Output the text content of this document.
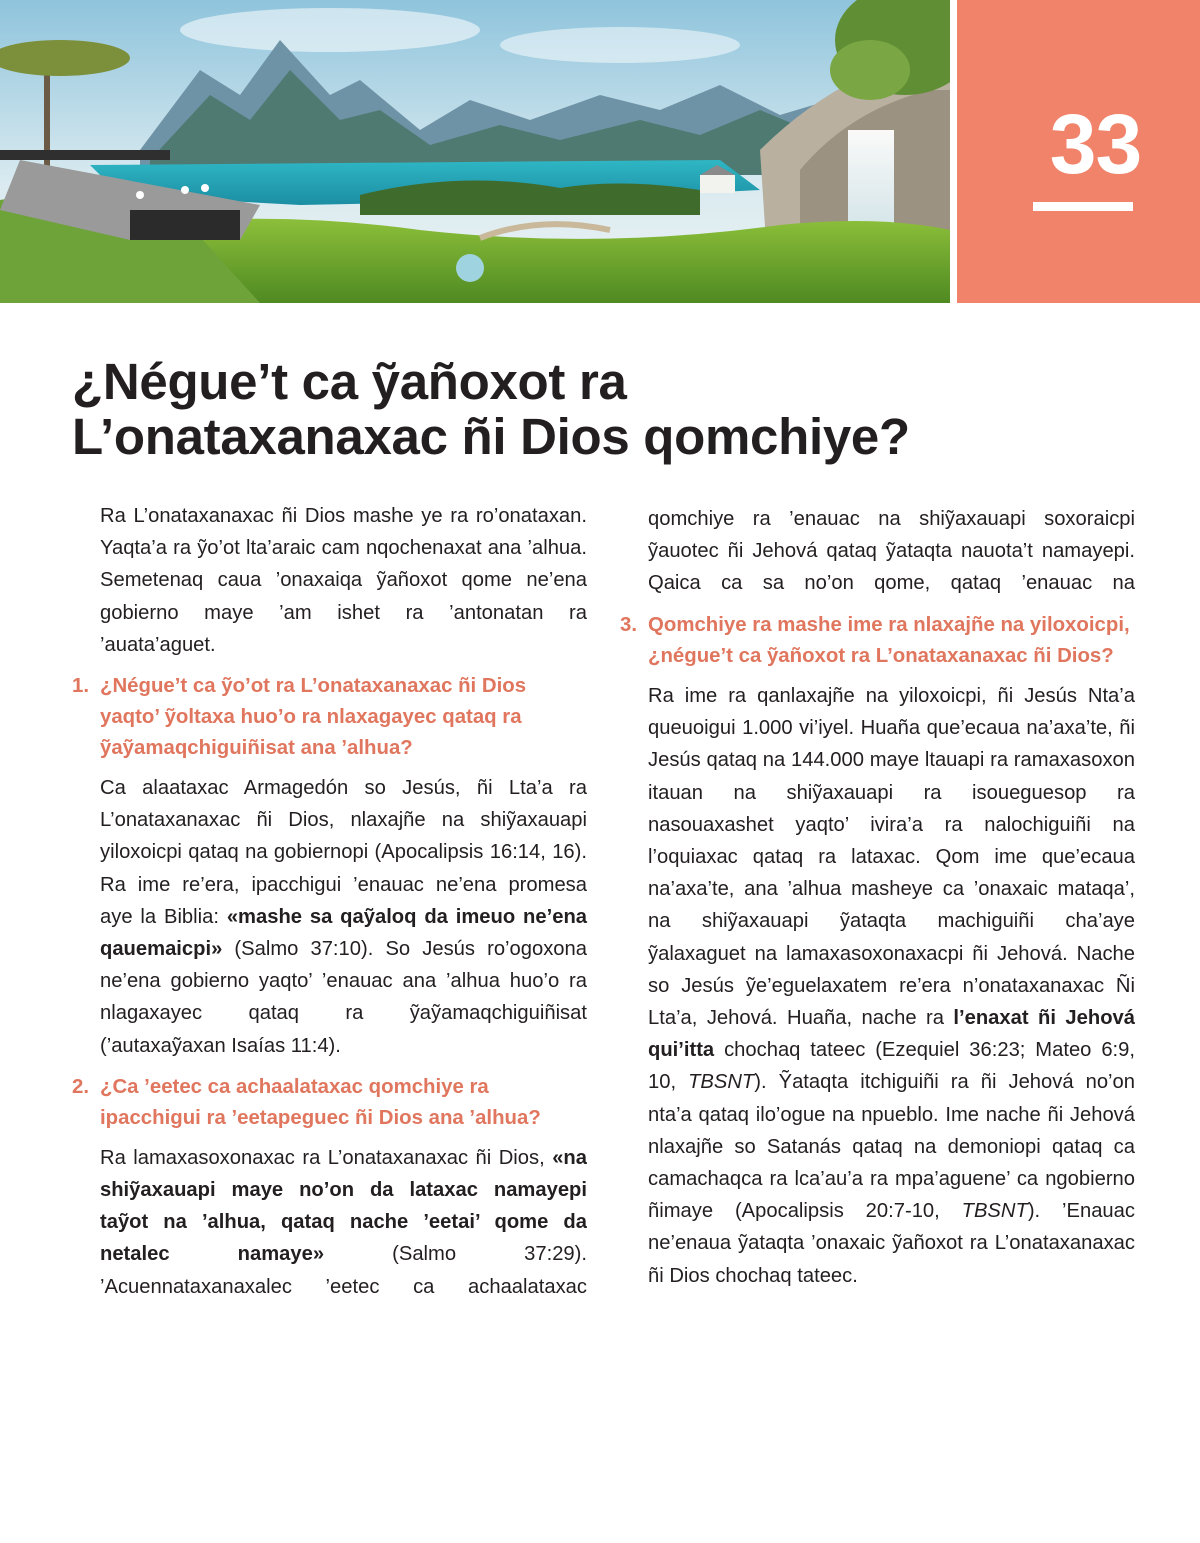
33
¿Négue’t ca ỹañoxot ra
L’onataxanaxac ñi Dios qomchiye?

Ra L’onataxanaxac ñi Dios mashe ye ra ro’onataxan. Yaqta’a ra ỹo’ot lta’araic cam nqochenaxat ana ’alhua. Semetenaq caua ’onaxaiqa ỹañoxot qome ne’ena gobierno maye ’am ishet ra ’antonatan ra ’auata’aguet.

1. ¿Négue’t ca ỹo’ot ra L’onataxanaxac ñi Dios yaqto’ ỹoltaxa huo’o ra nlaxagayec qataq ra ỹaỹamaqchiguiñisat ana ’alhua?

Ca alaataxac Armagedón so Jesús, ñi Lta’a ra L’onataxanaxac ñi Dios, nlaxajñe na shiỹaxauapi yiloxoicpi qataq na gobiernopi (Apocalipsis 16:14, 16). Ra ime re’era, ipacchigui ’enauac ne’ena promesa aye la Biblia: «mashe sa qaỹaloq da imeuo ne’ena qauemaicpi» (Salmo 37:10). So Jesús ro’ogoxona ne’ena gobierno yaqto’ ’enauac ana ’alhua huo’o ra nlagaxayec qataq ra ỹaỹamaqchiguiñisat (’autaxaỹaxan Isaías 11:4).

2. ¿Ca ’eetec ca achaalataxac qomchiye ra ipacchigui ra ’eetapeguec ñi Dios ana ’alhua?

Ra lamaxasoxonaxac ra L’onataxanaxac ñi Dios, «na shiỹaxauapi maye no’on da lataxac namayepi taỹot na ’alhua, qataq nache ’eetai’ qome da netalec namaye»	(Salmo 37:29). ’Acuennataxanaxalec ’eetec ca achaalataxac

qomchiye ra ’enauac na shiỹaxauapi soxoraicpi ỹauotec ñi Jehová qataq ỹataqta nauota’t namayepi. Qaica ca sa no’on qome, qataq ’enauac na

3. Qomchiye ra mashe ime ra nlaxajñe na yiloxoicpi, ¿négue’t ca ỹañoxot ra L’onataxanaxac ñi Dios?

Ra ime ra qanlaxajñe na yiloxoicpi, ñi Jesús Nta’a queuoigui 1.000 vi’iyel. Huaña que’ecaua na’axa’te, ñi Jesús qataq na 144.000 maye ltauapi ra ramaxasoxon itauan na shiỹaxauapi ra isoueguesop ra nasouaxashet yaqto’ ivira’a ra nalochiguiñi na l’oquiaxac qataq ra lataxac. Qom ime que’ecaua na’axa’te, ana ’alhua masheye ca ’onaxaic mataqa’, na shiỹaxauapi ỹataqta machiguiñi cha’aye ỹalaxaguet na lamaxasoxonaxacpi ñi Jehová. Nache so Jesús ỹe’eguelaxatem re’era n’onataxanaxac Ñi Lta’a, Jehová. Huaña, nache ra l’enaxat ñi Jehová qui’itta chochaq tateec (Ezequiel 36:23; Mateo 6:9, 10, TBSNT). Ỹataqta itchiguiñi ra ñi Jehová no’on nta’a qataq ilo’ogue na npueblo. Ime nache ñi Jehová nlaxajñe so Satanás qataq na demoniopi qataq ca camachaqca ra lca’au’a ra mpa’aguene’ ca ngobierno ñimaye (Apocalipsis 20:7-10, TBSNT). ’Enauac ne’enaua ỹataqta ’onaxaic ỹañoxot ra L’onataxanaxac ñi Dios chochaq tateec.
